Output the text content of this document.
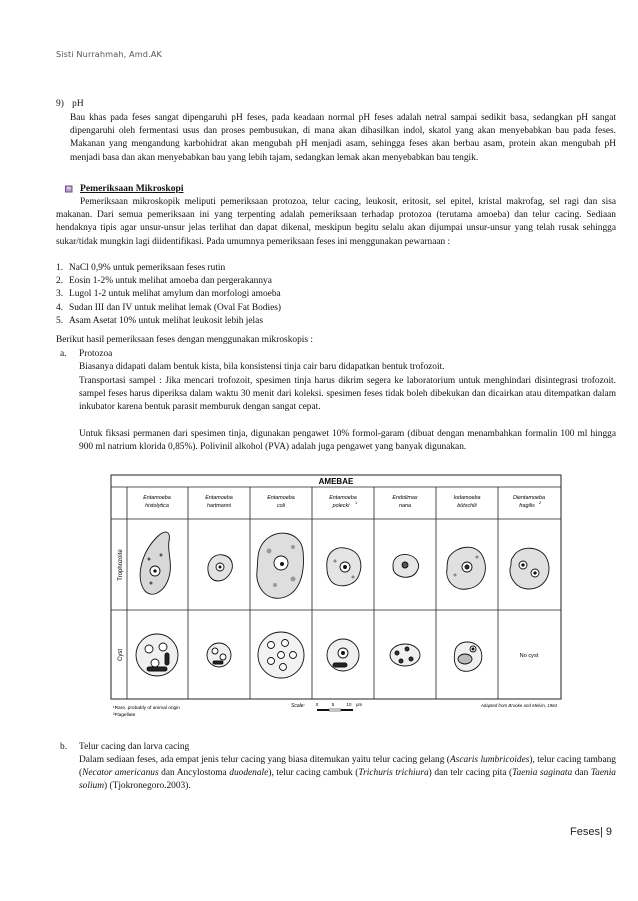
Sisti Nurrahmah, Amd.AK
9) pH
Bau khas pada feses sangat dipengaruhi pH feses, pada keadaan normal pH feses adalah netral sampai sedikit basa, sedangkan pH sangat dipengaruhi oleh fermentasi usus dan proses pembusukan, di mana akan dihasilkan indol, skatol yang akan menyebabkan bau pada feses. Makanan yang mengandung karbohidrat akan mengubah pH menjadi asam, sehingga feses akan berbau asam, protein akan mengubah pH menjadi basa dan akan menyebabkan bau yang lebih tajam, sedangkan lemak akan menyebabkan bau tengik.
Pemeriksaan Mikroskopi
Pemeriksaan mikroskopik meliputi pemeriksaan protozoa, telur cacing, leukosit, eritosit, sel epitel, kristal makrofag, sel ragi dan sisa makanan. Dari semua pemeriksaan ini yang terpenting adalah pemeriksaan terhadap protozoa (terutama amoeba) dan telur cacing. Sediaan hendaknya tipis agar unsur-unsur jelas terlihat dan dapat dikenal, meskipun begitu selalu akan dijumpai unsur-unsur yang telah rusak sehingga sukar/tidak mungkin lagi diidentifikasi. Pada umumnya pemeriksaan feses ini menggunakan pewarnaan :
1. NaCl 0,9% untuk pemeriksaan feses rutin
2. Eosin 1-2% untuk melihat amoeba dan pergerakannya
3. Lugol 1-2 untuk melihat amylum dan morfologi amoeba
4. Sudan III dan IV untuk melihat lemak (Oval Fat Bodies)
5. Asam Asetat 10% untuk melihat leukosit lebih jelas
Berikut hasil pemeriksaan feses dengan menggunakan mikroskopis :
a.	Protozoa
Biasanya didapati dalam bentuk kista, bila konsistensi tinja cair baru didapatkan bentuk trofozoit.
Transportasi sampel : Jika mencari trofozoit, spesimen tinja harus dikrim segera ke laboratorium untuk menghindari disintegrasi trofozoit. sampel feses harus diperiksa dalam waktu 30 menit dari koleksi. spesimen feses tidak boleh dibekukan dan dicairkan atau ditempatkan dalam inkubator karena bentuk parasit memburuk dengan sangat cepat.
Untuk fiksasi permanen dari spesimen tinja, digunakan pengawet 10% formol-garam (dibuat dengan menambahkan formalin 100 ml hingga 900 ml natrium klorida 0,85%). Polivinil alkohol (PVA) adalah juga pengawet yang banyak digunakan.
AMEBAE
Entamoeba
histolytica
Entamoeba
hartmanni
Entamoeba
coli
Entamoeba
polecki 1
Endolimax
nana
Iodamoeba
bütschlii
Dientamoeba
fragilis 2
Trophozoite
Cyst	No cyst
¹Rare, probably of animal origin
²Flagellate
Scale: 0	5	10 μm	Adapted from Brooke and Melvin, 1964
b.	Telur cacing dan larva cacing
Dalam sediaan feses, ada empat jenis telur cacing yang biasa ditemukan yaitu telur cacing gelang (Ascaris lumbricoides), telur cacing tambang (Necator americanus dan Ancylostoma duodenale), telur cacing cambuk (Trichuris trichiura) dan telr cacing pita (Taenia saginata dan Taenia solium) (Tjokronegoro.2003).
Feses| 9
